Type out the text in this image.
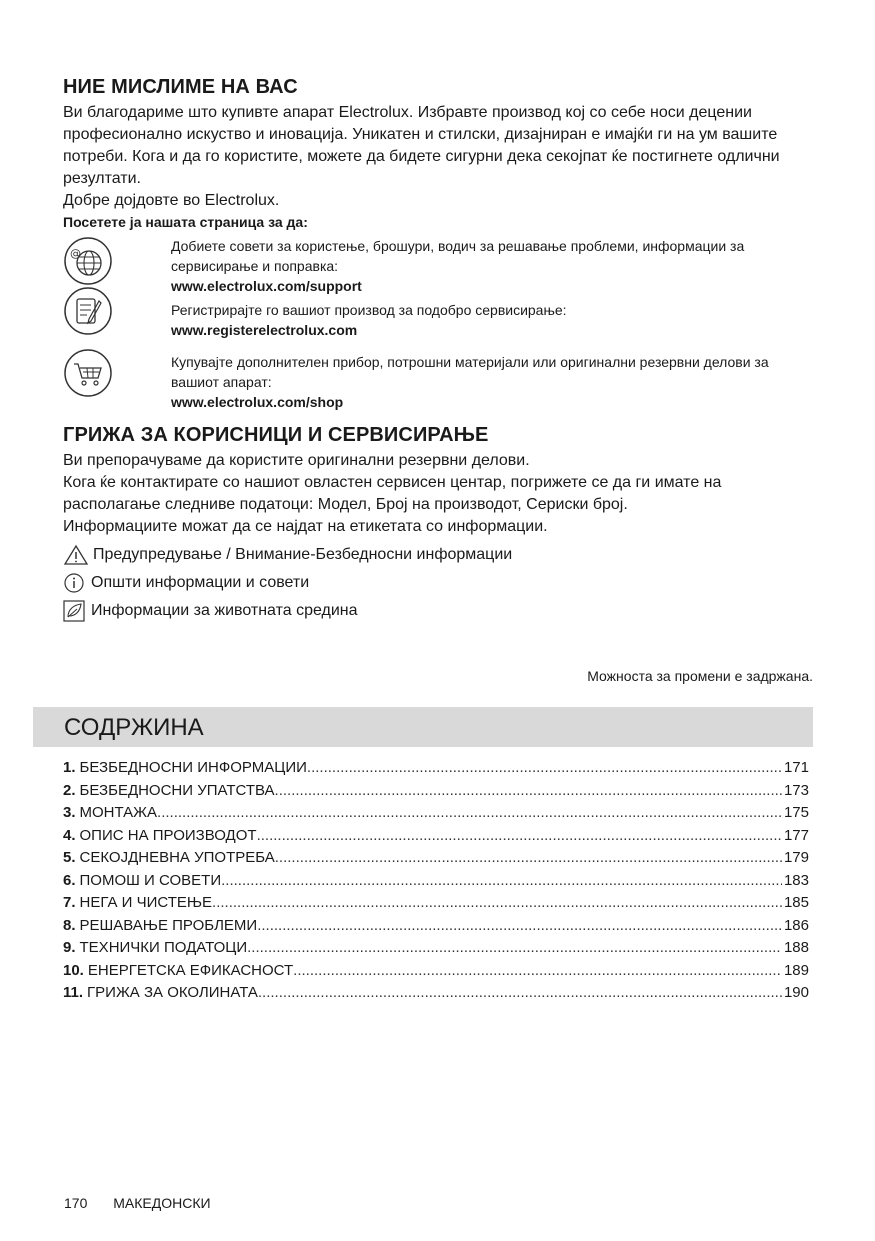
НИЕ МИСЛИМЕ НА ВАС

Ви благодариме што купивте апарат Electrolux. Избравте производ кој со себе носи децении професионално искуство и иновација. Уникатен и стилски, дизајниран е имајќи ги на ум вашите потреби. Кога и да го користите, можете да бидете сигурни дека секојпат ќе постигнете одлични резултати.

Добре дојдовте во Electrolux.

Посетете ја нашата страница за да:

@	Добиете совети за користење, брошури, водич за решавање проблеми, информации за сервисирање и поправка:
www.electrolux.com/support
Регистрирајте го вашиот производ за подобро сервисирање:
www.registerelectrolux.com
Купувајте дополнителен прибор, потрошни материјали или оригинални резервни делови за вашиот апарат:
www.electrolux.com/shop
ГРИЖА ЗА КОРИСНИЦИ И СЕРВИСИРАЊЕ

Ви препорачуваме да користите оригинални резервни делови.

Кога ќе контактирате со нашиот овластен сервисен центар, погрижете се да ги имате на располагање следниве податоци: Модел, Број на производот, Сериски број.

Информациите можат да се најдат на етикетата со информации.

Предупредување / Внимание-Безбедносни информации
Општи информации и совети
Информации за животната средина
Можноста за промени е задржана.
СОДРЖИНА
1. БЕЗБЕДНОСНИ ИНФОРМАЦИИ .....	171
2. БЕЗБЕДНОСНИ УПАТСТВА .....	173
3. МОНТАЖА .....	175
4. ОПИС НА ПРОИЗВОДОТ .....	177
5. СЕКОЈДНЕВНА УПОТРЕБА .....	179
6. ПОМОШ И СОВЕТИ .....	183
7. НЕГА И ЧИСТЕЊЕ .....	185
8. РЕШАВАЊЕ ПРОБЛЕМИ .....	186
9. ТЕХНИЧКИ ПОДАТОЦИ .....	188
10. ЕНЕРГЕТСКА ЕФИКАСНОСТ .....	189
11. ГРИЖА ЗА ОКОЛИНАТА .....	190
170 МАКЕДОНСКИ
